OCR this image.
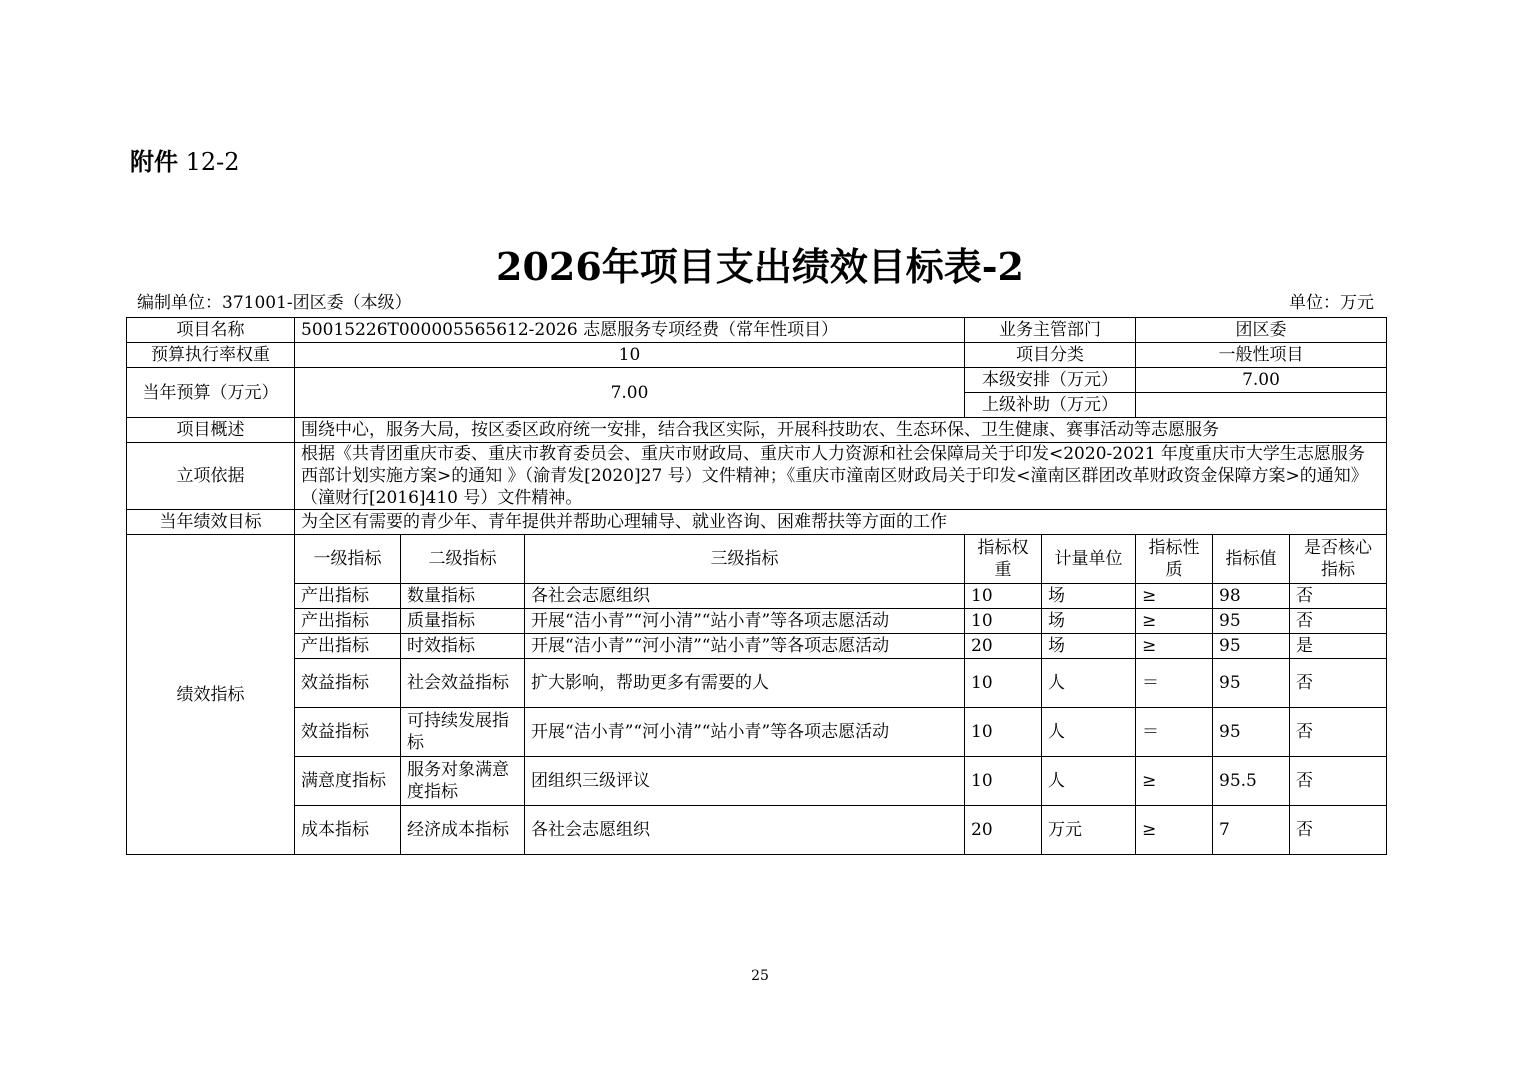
附件 12-2
2026年项目支出绩效目标表-2
编制单位：371001-团区委（本级）	单位：万元
项目名称	50015226T000005565612-2026 志愿服务专项经费（常年性项目）			业务主管部门		团区委		
预算执行率权重	10			项目分类		一般性项目		
当年预算（万元）	7.00			本级安排（万元）		7.00		
				上级补助（万元）				
项目概述	围绕中心，服务大局，按区委区政府统一安排，结合我区实际，开展科技助农、生态环保、卫生健康、赛事活动等志愿服务							
立项依据	根据《共青团重庆市委、重庆市教育委员会、重庆市财政局、重庆市人力资源和社会保障局关于印发<2020-2021 年度重庆市大学生志愿服务西部计划实施方案>的通知 》（渝青发[2020]27 号）文件精神；《重庆市潼南区财政局关于印发<潼南区群团改革财政资金保障方案>的通知》（潼财行[2016]410 号）文件精神。							
当年绩效目标	为全区有需要的青少年、青年提供并帮助心理辅导、就业咨询、困难帮扶等方面的工作							
绩效指标	一级指标	二级指标	三级指标	指标权重	计量单位	指标性质	指标值	是否核心指标
	产出指标	数量指标	各社会志愿组织	10	场	≥	98	否
	产出指标	质量指标	开展“洁小青”“河小清”“站小青”等各项志愿活动	10	场	≥	95	否
	产出指标	时效指标	开展“洁小青”“河小清”“站小青”等各项志愿活动	20	场	≥	95	是
	效益指标	社会效益指标	扩大影响，帮助更多有需要的人	10	人	＝	95	否
	效益指标	可持续发展指标	开展“洁小青”“河小清”“站小青”等各项志愿活动	10	人	＝	95	否
	满意度指标	服务对象满意度指标	团组织三级评议	10	人	≥	95.5	否
	成本指标	经济成本指标	各社会志愿组织	20	万元	≥	7	否
25
